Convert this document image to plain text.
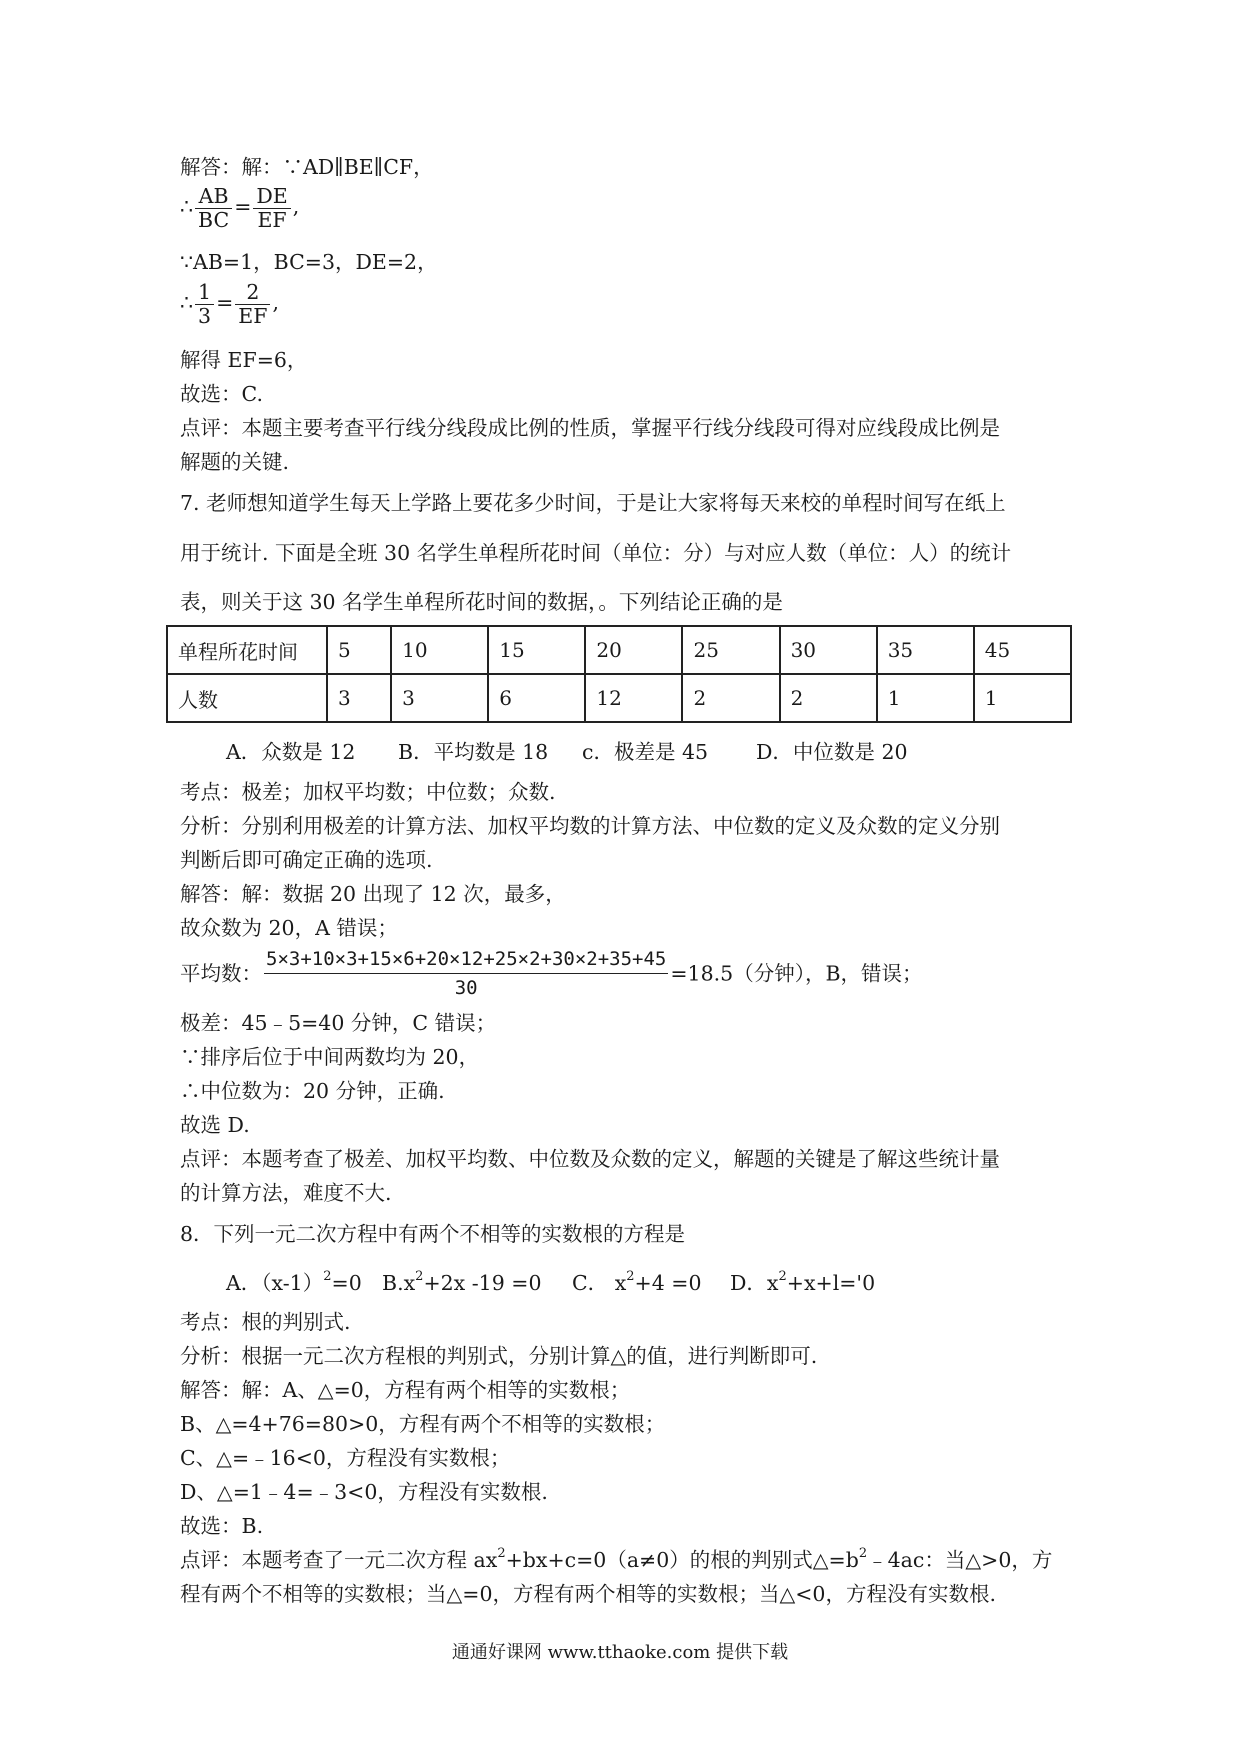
解答：解：∵AD∥BE∥CF，
∴ $\frac{AB}{BC} = \frac{DE}{EF}$ ,
∵AB=1，BC=3，DE=2，
∴ $\frac{1}{3} = \frac{2}{EF}$ ,
解得 EF=6，
故选：C.
点评：本题主要考查平行线分线段成比例的性质，掌握平行线分线段可得对应线段成比例是
解题的关键.
7. 老师想知道学生每天上学路上要花多少时间，于是让大家将每天来校的单程时间写在纸上
用于统计. 下面是全班 30 名学生单程所花时间（单位：分）与对应人数（单位：人）的统计
表，则关于这 30 名学生单程所花时间的数据，。下列结论正确的是
单程所花时间	5	10	15	20	25	30	35	45
人数	3	3	6	12	2	2	1	1
A．众数是 12 B．平均数是 18 c．极差是 45 D．中位数是 20
考点：极差；加权平均数；中位数；众数.
分析：分别利用极差的计算方法、加权平均数的计算方法、中位数的定义及众数的定义分别
判断后即可确定正确的选项.
解答：解：数据 20 出现了 12 次，最多，
故众数为 20，A 错误；
平均数： $\frac{5\times 3+10\times 3+15\times 6+20\times 12+25\times 2+30\times 2+35+45}{30} =18.5$（分钟），B，错误；
极差：45﹣5=40 分钟，C 错误；
∵排序后位于中间两数均为 20，
∴中位数为：20 分钟，正确.
故选 D.
点评：本题考查了极差、加权平均数、中位数及众数的定义，解题的关键是了解这些统计量
的计算方法，难度不大.
8．下列一元二次方程中有两个不相等的实数根的方程是
A．$(x-1)^2=0$ $B.x^2+2x$ -19 =0 C． $x^2+4 =0$ D．$x^2+x+l='0$
考点：根的判别式.
分析：根据一元二次方程根的判别式，分别计算△的值，进行判断即可.
解答：解：A、△=0，方程有两个相等的实数根；
B、△=4+76=80>0，方程有两个不相等的实数根；
C、△=﹣16<0，方程没有实数根；
D、△=1﹣4=﹣3<0，方程没有实数根.
故选：B.
点评：本题考查了一元二次方程 $ax^2+bx+c=0(a\ne 0)$的根的判别式$\triangle=b^2﹣4ac$：当△>0，方
程有两个不相等的实数根；当△=0，方程有两个相等的实数根；当△<0，方程没有实数根.
通通好课网 www.tthaoke.com 提供下载
